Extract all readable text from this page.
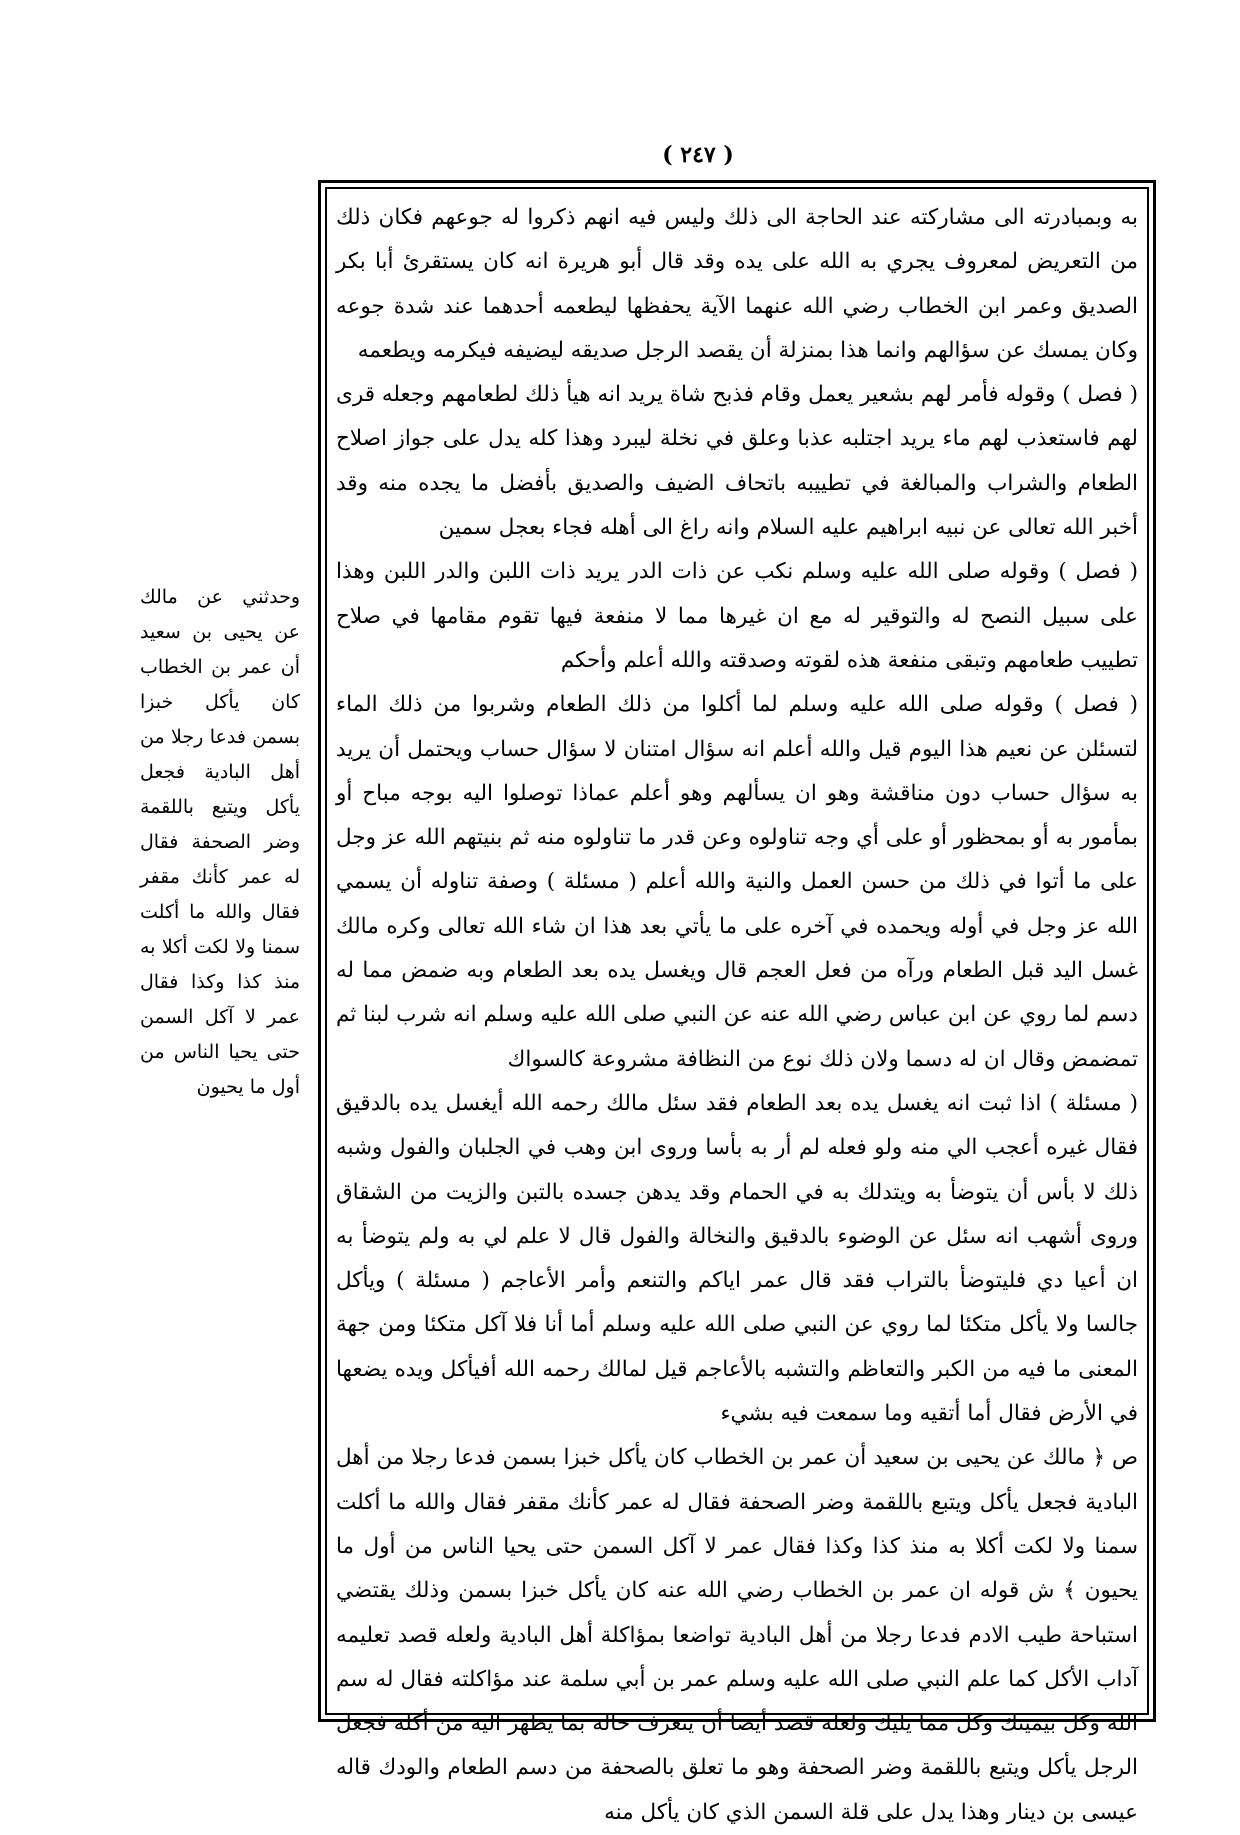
( ٢٤٧ )

به وبمبادرته الى مشاركته عند الحاجة الى ذلك وليس فيه انهم ذكروا له جوعهم فكان ذلك من التعريض لمعروف يجري به الله على يده وقد قال أبو هريرة انه كان يستقرئ أبا بكر الصديق وعمر ابن الخطاب رضي الله عنهما الآية يحفظها ليطعمه أحدهما عند شدة جوعه وكان يمسك عن سؤالهم وانما هذا بمنزلة أن يقصد الرجل صديقه ليضيفه فيكرمه ويطعمه

( فصل ) وقوله فأمر لهم بشعير يعمل وقام فذبح شاة يريد انه هيأ ذلك لطعامهم وجعله قرى لهم فاستعذب لهم ماء يريد اجتلبه عذبا وعلق في نخلة ليبرد وهذا كله يدل على جواز اصلاح الطعام والشراب والمبالغة في تطييبه باتحاف الضيف والصديق بأفضل ما يجده منه وقد أخبر الله تعالى عن نبيه ابراهيم عليه السلام وانه راغ الى أهله فجاء بعجل سمين

( فصل ) وقوله صلى الله عليه وسلم نكب عن ذات الدر يريد ذات اللبن والدر اللبن وهذا على سبيل النصح له والتوقير له مع ان غيرها مما لا منفعة فيها تقوم مقامها في صلاح تطييب طعامهم وتبقى منفعة هذه لقوته وصدقته والله أعلم وأحكم

( فصل ) وقوله صلى الله عليه وسلم لما أكلوا من ذلك الطعام وشربوا من ذلك الماء لتسئلن عن نعيم هذا اليوم قيل والله أعلم انه سؤال امتنان لا سؤال حساب ويحتمل أن يريد به سؤال حساب دون مناقشة وهو ان يسألهم وهو أعلم عماذا توصلوا اليه بوجه مباح أو بمأمور به أو بمحظور أو على أي وجه تناولوه وعن قدر ما تناولوه منه ثم بنيتهم الله عز وجل على ما أتوا في ذلك من حسن العمل والنية والله أعلم ( مسئلة ) وصفة تناوله أن يسمي الله عز وجل في أوله ويحمده في آخره على ما يأتي بعد هذا ان شاء الله تعالى وكره مالك غسل اليد قبل الطعام ورآه من فعل العجم قال ويغسل يده بعد الطعام وبه ضمض مما له دسم لما روي عن ابن عباس رضي الله عنه عن النبي صلى الله عليه وسلم انه شرب لبنا ثم تمضمض وقال ان له دسما ولان ذلك نوع من النظافة مشروعة كالسواك

( مسئلة ) اذا ثبت انه يغسل يده بعد الطعام فقد سئل مالك رحمه الله أيغسل يده بالدقيق فقال غيره أعجب الي منه ولو فعله لم أر به بأسا وروى ابن وهب في الجلبان والفول وشبه ذلك لا بأس أن يتوضأ به ويتدلك به في الحمام وقد يدهن جسده بالتبن والزيت من الشقاق وروى أشهب انه سئل عن الوضوء بالدقيق والنخالة والفول قال لا علم لي به ولم يتوضأ به ان أعيا دي فليتوضأ بالتراب فقد قال عمر اياكم والتنعم وأمر الأعاجم ( مسئلة ) ويأكل جالسا ولا يأكل متكئا لما روي عن النبي صلى الله عليه وسلم أما أنا فلا آكل متكئا ومن جهة المعنى ما فيه من الكبر والتعاظم والتشبه بالأعاجم قيل لمالك رحمه الله أفيأكل ويده يضعها في الأرض فقال أما أتقيه وما سمعت فيه بشيء

ص ﴿ مالك عن يحيى بن سعيد أن عمر بن الخطاب كان يأكل خبزا بسمن فدعا رجلا من أهل البادية فجعل يأكل ويتبع باللقمة وضر الصحفة فقال له عمر كأنك مقفر فقال والله ما أكلت سمنا ولا لكت أكلا به منذ كذا وكذا فقال عمر لا آكل السمن حتى يحيا الناس من أول ما يحيون ﴾ ش قوله ان عمر بن الخطاب رضي الله عنه كان يأكل خبزا بسمن وذلك يقتضي استباحة طيب الادم فدعا رجلا من أهل البادية تواضعا بمؤاكلة أهل البادية ولعله قصد تعليمه آداب الأكل كما علم النبي صلى الله عليه وسلم عمر بن أبي سلمة عند مؤاكلته فقال له سم الله وكل بيمينك وكل مما يليك ولعله قصد أيضا أن يتعرف حاله بما يظهر اليه من أكله فجعل الرجل يأكل ويتبع باللقمة وضر الصحفة وهو ما تعلق بالصحفة من دسم الطعام والودك قاله عيسى بن دينار وهذا يدل على قلة السمن الذي كان يأكل منه

وحدثني عن مالك عن يحيى بن سعيد أن عمر بن الخطاب كان يأكل خبزا بسمن فدعا رجلا من أهل البادية فجعل يأكل ويتبع باللقمة وضر الصحفة فقال له عمر كأنك مقفر فقال والله ما أكلت سمنا ولا لكت أكلا به منذ كذا وكذا فقال عمر لا آكل السمن حتى يحيا الناس من أول ما يحيون
